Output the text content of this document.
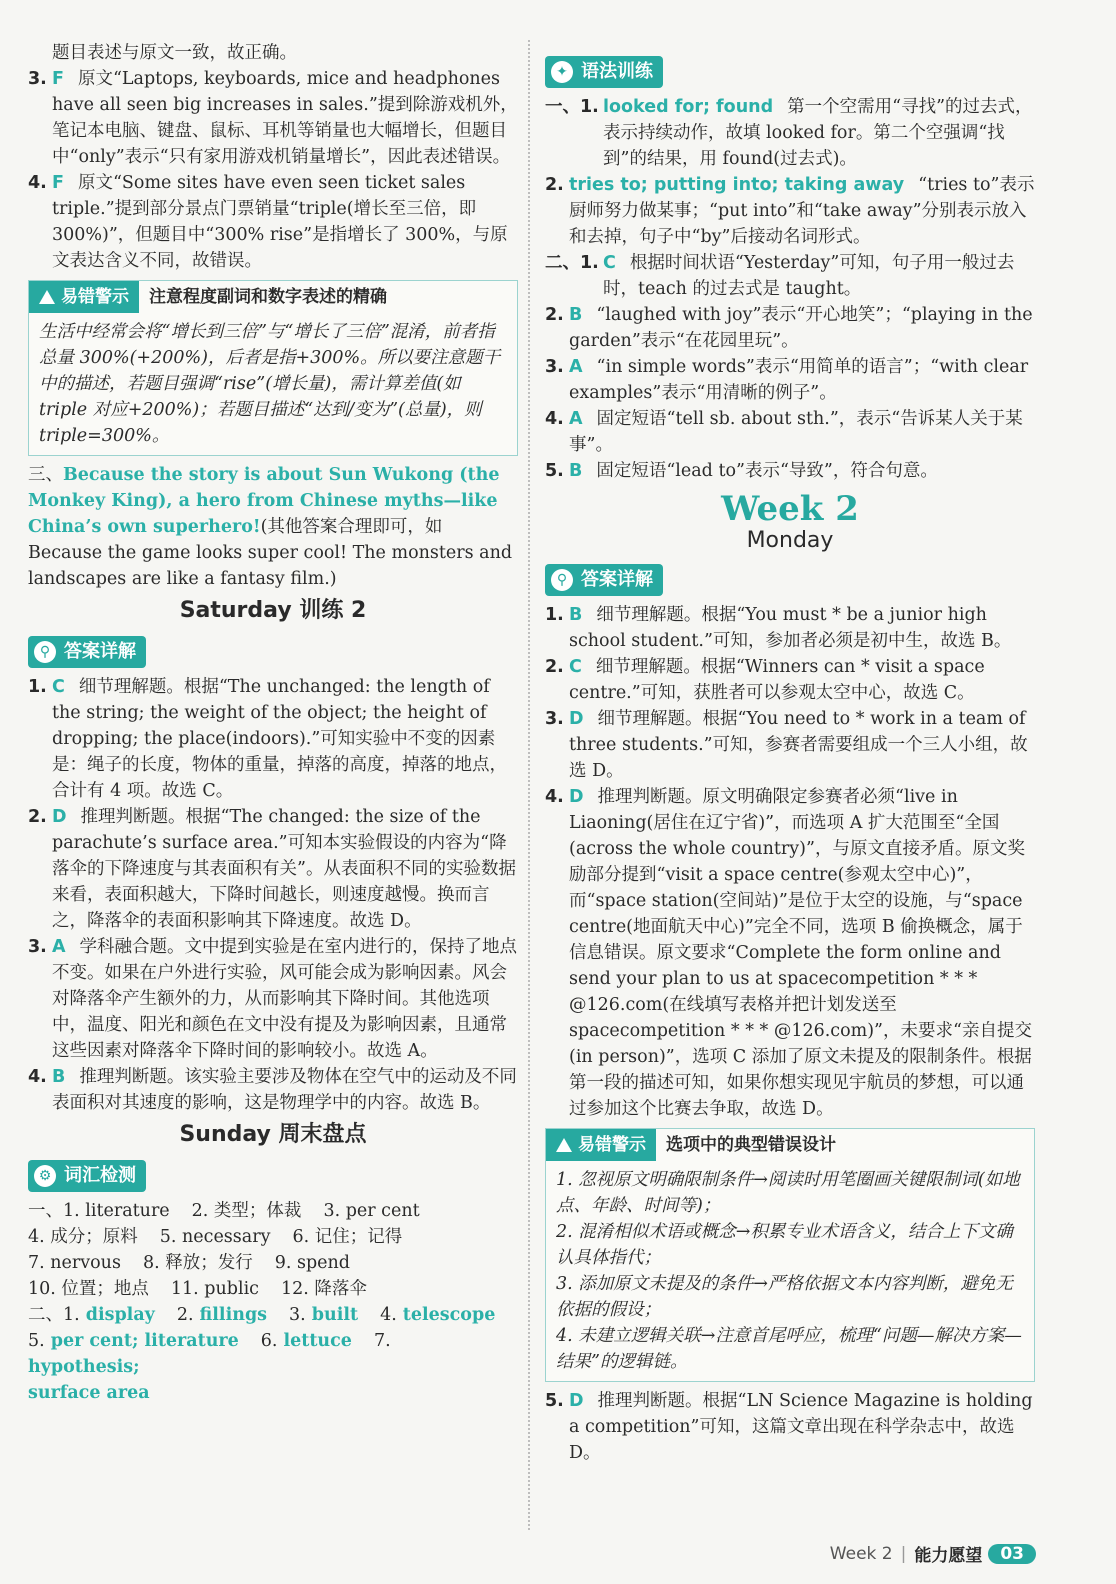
题目表述与原文一致，故正确。

3. F 原文“Laptops, keyboards, mice and headphones have all seen big increases in sales.”提到除游戏机外，笔记本电脑、键盘、鼠标、耳机等销量也大幅增长，但题目中“only”表示“只有家用游戏机销量增长”，因此表述错误。
4. F 原文“Some sites have even seen ticket sales triple.”提到部分景点门票销量“triple(增长至三倍，即 300%)”，但题目中“300% rise”是指增长了 300%，与原文表达含义不同，故错误。
易错警示 注意程度副词和数字表述的精确
生活中经常会将“增长到三倍”与“增长了三倍”混淆，前者指总量 300%(+200%)，后者是指+300%。所以要注意题干中的描述，若题目强调“rise”(增长量)，需计算差值(如 triple 对应+200%)；若题目描述“达到/变为”(总量)，则 triple=300%。

三、Because the story is about Sun Wukong (the Monkey King), a hero from Chinese myths—like China’s own superhero!(其他答案合理即可，如 Because the game looks super cool! The monsters and landscapes are like a fantasy film.)

Saturday 训练 2
⚲ 答案详解
1. C 细节理解题。根据“The unchanged: the length of the string; the weight of the object; the height of dropping; the place(indoors).”可知实验中不变的因素是：绳子的长度，物体的重量，掉落的高度，掉落的地点，合计有 4 项。故选 C。
2. D 推理判断题。根据“The changed: the size of the parachute’s surface area.”可知本实验假设的内容为“降落伞的下降速度与其表面积有关”。从表面积不同的实验数据来看，表面积越大，下降时间越长，则速度越慢。换而言之，降落伞的表面积影响其下降速度。故选 D。
3. A 学科融合题。文中提到实验是在室内进行的，保持了地点不变。如果在户外进行实验，风可能会成为影响因素。风会对降落伞产生额外的力，从而影响其下降时间。其他选项中，温度、阳光和颜色在文中没有提及为影响因素，且通常这些因素对降落伞下降时间的影响较小。故选 A。
4. B 推理判断题。该实验主要涉及物体在空气中的运动及不同表面积对其速度的影响，这是物理学中的内容。故选 B。
Sunday 周末盘点
⚙ 词汇检测
一、1. literature 2. 类型；体裁 3. per cent
4. 成分；原料 5. necessary 6. 记住；记得
7. nervous 8. 释放；发行 9. spend
10. 位置；地点 11. public 12. 降落伞
二、1. display 2. fillings 3. built 4. telescope
5. per cent; literature 6. lettuce 7.
hypothesis;
surface area
✦ 语法训练
一、1. looked for; found 第一个空需用“寻找”的过去式，表示持续动作，故填 looked for。第二个空强调“找到”的结果，用 found(过去式)。
2. tries to; putting into; taking away “tries to”表示厨师努力做某事；“put into”和“take away”分别表示放入和去掉，句子中“by”后接动名词形式。
二、1. C 根据时间状语“Yesterday”可知，句子用一般过去时，teach 的过去式是 taught。
2. B “laughed with joy”表示“开心地笑”；“playing in the garden”表示“在花园里玩”。
3. A “in simple words”表示“用简单的语言”；“with clear examples”表示“用清晰的例子”。
4. A 固定短语“tell sb. about sth.”，表示“告诉某人关于某事”。
5. B 固定短语“lead to”表示“导致”，符合句意。
Week 2
Monday
⚲ 答案详解
1. B 细节理解题。根据“You must * be a junior high school student.”可知，参加者必须是初中生，故选 B。
2. C 细节理解题。根据“Winners can * visit a space centre.”可知，获胜者可以参观太空中心，故选 C。
3. D 细节理解题。根据“You need to * work in a team of three students.”可知，参赛者需要组成一个三人小组，故选 D。
4. D 推理判断题。原文明确限定参赛者必须“live in Liaoning(居住在辽宁省)”，而选项 A 扩大范围至“全国(across the whole country)”，与原文直接矛盾。原文奖励部分提到“visit a space centre(参观太空中心)”，而“space station(空间站)”是位于太空的设施，与“space centre(地面航天中心)”完全不同，选项 B 偷换概念，属于信息错误。原文要求“Complete the form online and send your plan to us at spacecompetition * * * @126.com(在线填写表格并把计划发送至 spacecompetition * * * @126.com)”，未要求“亲自提交(in person)”，选项 C 添加了原文未提及的限制条件。根据第一段的描述可知，如果你想实现见宇航员的梦想，可以通过参加这个比赛去争取，故选 D。
易错警示 选项中的典型错误设计
1. 忽视原文明确限制条件→阅读时用笔圈画关键限制词(如地点、年龄、时间等)；
2. 混淆相似术语或概念→积累专业术语含义，结合上下文确认具体指代；
3. 添加原文未提及的条件→严格依据文本内容判断，避免无依据的假设；
4. 未建立逻辑关联→注意首尾呼应，梳理“问题—解决方案—结果”的逻辑链。
5. D 推理判断题。根据“LN Science Magazine is holding a competition”可知，这篇文章出现在科学杂志中，故选 D。
Week 2 | 能力愿望	03
